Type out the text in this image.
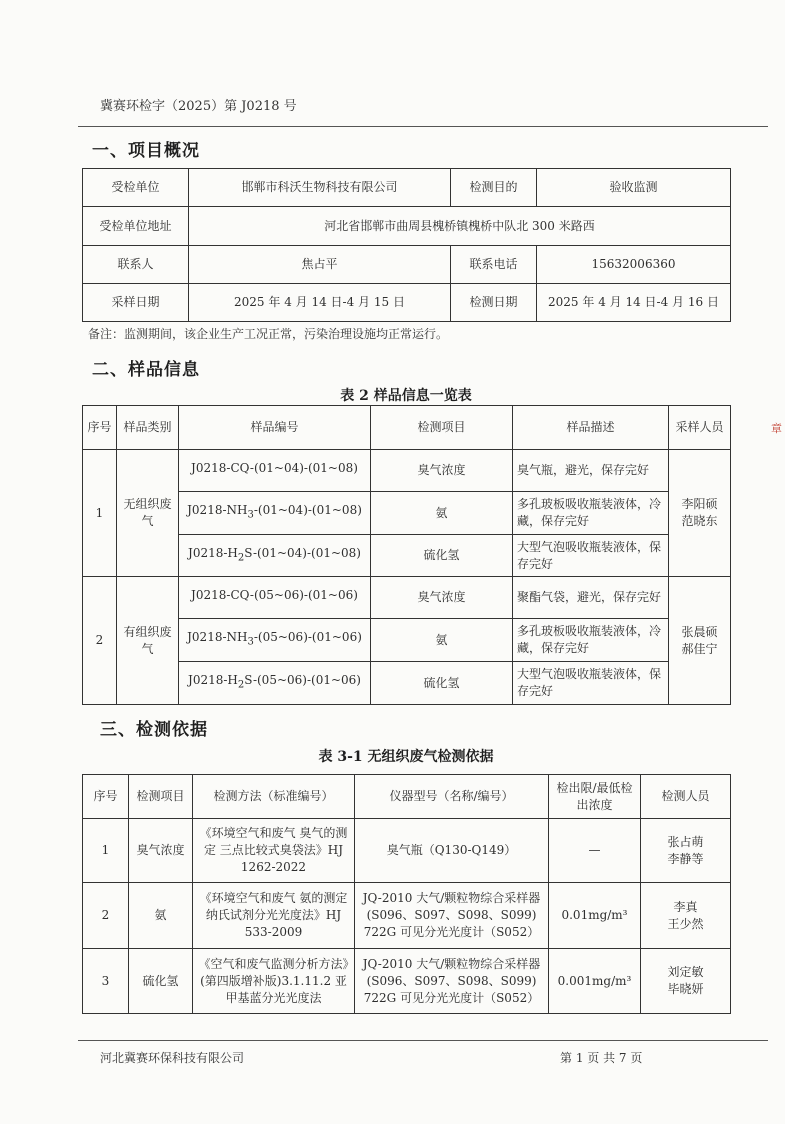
冀赛环检字（2025）第 J0218 号
一、项目概况
受检单位	邯郸市科沃生物科技有限公司	检测目的	验收监测
受检单位地址	河北省邯郸市曲周县槐桥镇槐桥中队北 300 米路西		
联系人	焦占平	联系电话	15632006360
采样日期	2025 年 4 月 14 日-4 月 15 日	检测日期	2025 年 4 月 14 日-4 月 16 日
备注：监测期间，该企业生产工况正常，污染治理设施均正常运行。
二、样品信息
表 2 样品信息一览表
序号	样品类别	样品编号	检测项目	样品描述	采样人员
1	无组织废气	J0218-CQ-(01~04)-(01~08)	臭气浓度	臭气瓶，避光，保存完好	李阳硕
范晓东
		$J0218-NH_3-(01\sim 04)-(01\sim 08)$	氨	多孔玻板吸收瓶装液体，冷藏，保存完好	
		$J0218-H_2S-(01\sim 04)-(01\sim 08)$	硫化氢	大型气泡吸收瓶装液体，保存完好	
2	有组织废气	J0218-CQ-(05~06)-(01~06)	臭气浓度	聚酯气袋，避光，保存完好	张晨硕
郝佳宁
		$J0218-NH_3-(05\sim 06)-(01\sim 06)$	氨	多孔玻板吸收瓶装液体，冷藏，保存完好	
		$J0218-H_2S-(05\sim 06)-(01\sim 06)$	硫化氢	大型气泡吸收瓶装液体，保存完好	
三、检测依据
表 3-1 无组织废气检测依据
序号	检测项目	检测方法（标准编号）	仪器型号（名称/编号）	检出限/最低检出浓度	检测人员
1	臭气浓度	《环境空气和废气 臭气的测定 三点比较式臭袋法》HJ 1262-2022	臭气瓶（Q130-Q149）	—	张占萌
李静等
2	氨	《环境空气和废气 氨的测定 纳氏试剂分光光度法》HJ 533-2009	JQ-2010 大气/颗粒物综合采样器(S096、S097、S098、S099) 722G 可见分光光度计（S052）	0.01mg/m³	李真
王少然
3	硫化氢	《空气和废气监测分析方法》(第四版增补版)3.1.11.2 亚甲基蓝分光光度法	JQ-2010 大气/颗粒物综合采样器(S096、S097、S098、S099) 722G 可见分光光度计（S052）	0.001mg/m³	刘定敏
毕晓妍
河北冀赛环保科技有限公司	第 1 页 共 7 页
章
